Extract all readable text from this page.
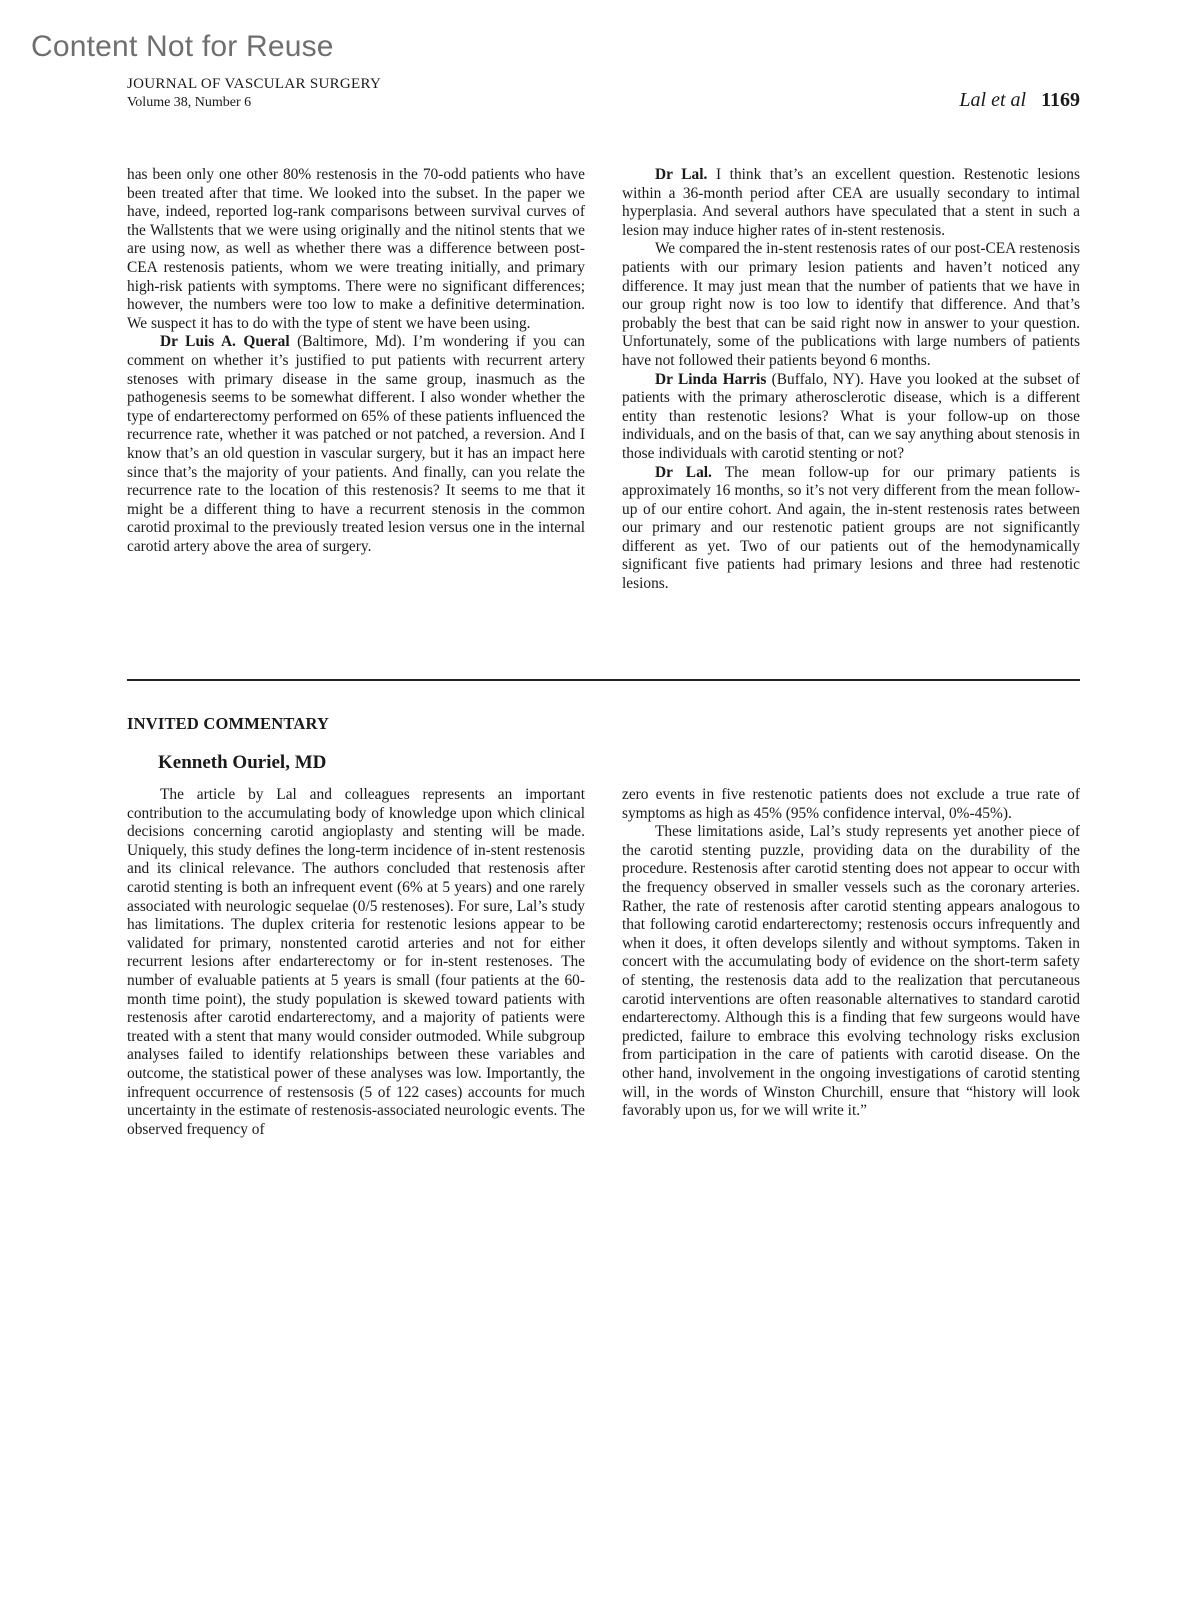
Content Not for Reuse
JOURNAL OF VASCULAR SURGERY
Volume 38, Number 6	Lal et al 1169

has been only one other 80% restenosis in the 70-odd patients who have been treated after that time. We looked into the subset. In the paper we have, indeed, reported log-rank comparisons between survival curves of the Wallstents that we were using originally and the nitinol stents that we are using now, as well as whether there was a difference between post-CEA restenosis patients, whom we were treating initially, and primary high-risk patients with symptoms. There were no significant differences; however, the numbers were too low to make a definitive determination. We suspect it has to do with the type of stent we have been using.

Dr Luis A. Queral (Baltimore, Md). I’m wondering if you can comment on whether it’s justified to put patients with recurrent artery stenoses with primary disease in the same group, inasmuch as the pathogenesis seems to be somewhat different. I also wonder whether the type of endarterectomy performed on 65% of these patients influenced the recurrence rate, whether it was patched or not patched, a reversion. And I know that’s an old question in vascular surgery, but it has an impact here since that’s the majority of your patients. And finally, can you relate the recurrence rate to the location of this restenosis? It seems to me that it might be a different thing to have a recurrent stenosis in the common carotid proximal to the previously treated lesion versus one in the internal carotid artery above the area of surgery.

Dr Lal. I think that’s an excellent question. Restenotic lesions within a 36-month period after CEA are usually secondary to intimal hyperplasia. And several authors have speculated that a stent in such a lesion may induce higher rates of in-stent restenosis.

We compared the in-stent restenosis rates of our post-CEA restenosis patients with our primary lesion patients and haven’t noticed any difference. It may just mean that the number of patients that we have in our group right now is too low to identify that difference. And that’s probably the best that can be said right now in answer to your question. Unfortunately, some of the publications with large numbers of patients have not followed their patients beyond 6 months.

Dr Linda Harris (Buffalo, NY). Have you looked at the subset of patients with the primary atherosclerotic disease, which is a different entity than restenotic lesions? What is your follow-up on those individuals, and on the basis of that, can we say anything about stenosis in those individuals with carotid stenting or not?

Dr Lal. The mean follow-up for our primary patients is approximately 16 months, so it’s not very different from the mean follow-up of our entire cohort. And again, the in-stent restenosis rates between our primary and our restenotic patient groups are not significantly different as yet. Two of our patients out of the hemodynamically significant five patients had primary lesions and three had restenotic lesions.

INVITED COMMENTARY
Kenneth Ouriel, MD

The article by Lal and colleagues represents an important contribution to the accumulating body of knowledge upon which clinical decisions concerning carotid angioplasty and stenting will be made. Uniquely, this study defines the long-term incidence of in-stent restenosis and its clinical relevance. The authors concluded that restenosis after carotid stenting is both an infrequent event (6% at 5 years) and one rarely associated with neurologic sequelae (0/5 restenoses). For sure, Lal’s study has limitations. The duplex criteria for restenotic lesions appear to be validated for primary, nonstented carotid arteries and not for either recurrent lesions after endarterectomy or for in-stent restenoses. The number of evaluable patients at 5 years is small (four patients at the 60-month time point), the study population is skewed toward patients with restenosis after carotid endarterectomy, and a majority of patients were treated with a stent that many would consider outmoded. While subgroup analyses failed to identify relationships between these variables and outcome, the statistical power of these analyses was low. Importantly, the infrequent occurrence of restensosis (5 of 122 cases) accounts for much uncertainty in the estimate of restenosis-associated neurologic events. The observed frequency of

zero events in five restenotic patients does not exclude a true rate of symptoms as high as 45% (95% confidence interval, 0%-45%).

These limitations aside, Lal’s study represents yet another piece of the carotid stenting puzzle, providing data on the durability of the procedure. Restenosis after carotid stenting does not appear to occur with the frequency observed in smaller vessels such as the coronary arteries. Rather, the rate of restenosis after carotid stenting appears analogous to that following carotid endarterectomy; restenosis occurs infrequently and when it does, it often develops silently and without symptoms. Taken in concert with the accumulating body of evidence on the short-term safety of stenting, the restenosis data add to the realization that percutaneous carotid interventions are often reasonable alternatives to standard carotid endarterectomy. Although this is a finding that few surgeons would have predicted, failure to embrace this evolving technology risks exclusion from participation in the care of patients with carotid disease. On the other hand, involvement in the ongoing investigations of carotid stenting will, in the words of Winston Churchill, ensure that “history will look favorably upon us, for we will write it.”
